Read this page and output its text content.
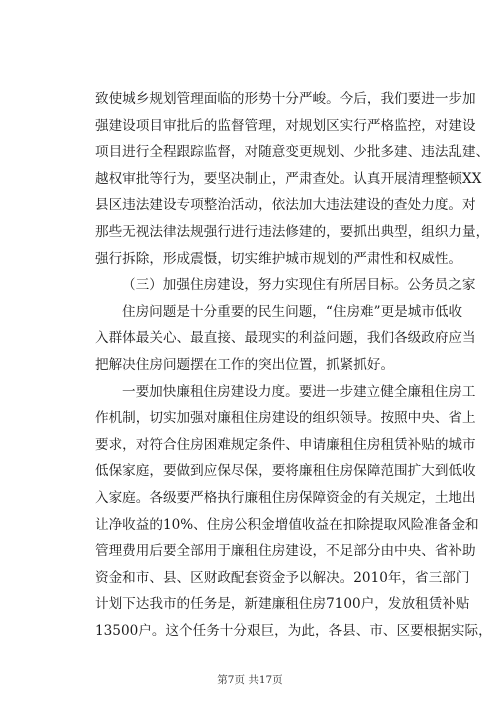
致使城乡规划管理面临的形势十分严峻。今后，我们要进一步加
强建设项目审批后的监督管理，对规划区实行严格监控，对建设
项目进行全程跟踪监督，对随意变更规划、少批多建、违法乱建、
越权审批等行为，要坚决制止，严肃查处。认真开展清理整顿XX
县区违法建设专项整治活动，依法加大违法建设的查处力度。对
那些无视法律法规强行进行违法修建的，要抓出典型，组织力量，
强行拆除，形成震慑，切实维护城市规划的严肃性和权威性。
（三）加强住房建设，努力实现住有所居目标。公务员之家
住房问题是十分重要的民生问题，“住房难”更是城市低收
入群体最关心、最直接、最现实的利益问题，我们各级政府应当
把解决住房问题摆在工作的突出位置，抓紧抓好。
一要加快廉租住房建设力度。要进一步建立健全廉租住房工
作机制，切实加强对廉租住房建设的组织领导。按照中央、省上
要求，对符合住房困难规定条件、申请廉租住房租赁补贴的城市
低保家庭，要做到应保尽保，要将廉租住房保障范围扩大到低收
入家庭。各级要严格执行廉租住房保障资金的有关规定，土地出
让净收益的10%、住房公积金增值收益在扣除提取风险准备金和
管理费用后要全部用于廉租住房建设，不足部分由中央、省补助
资金和市、县、区财政配套资金予以解决。2010年，省三部门
计划下达我市的任务是，新建廉租住房7100户，发放租赁补贴
13500户。这个任务十分艰巨，为此，各县、市、区要根据实际，
第7页 共17页
